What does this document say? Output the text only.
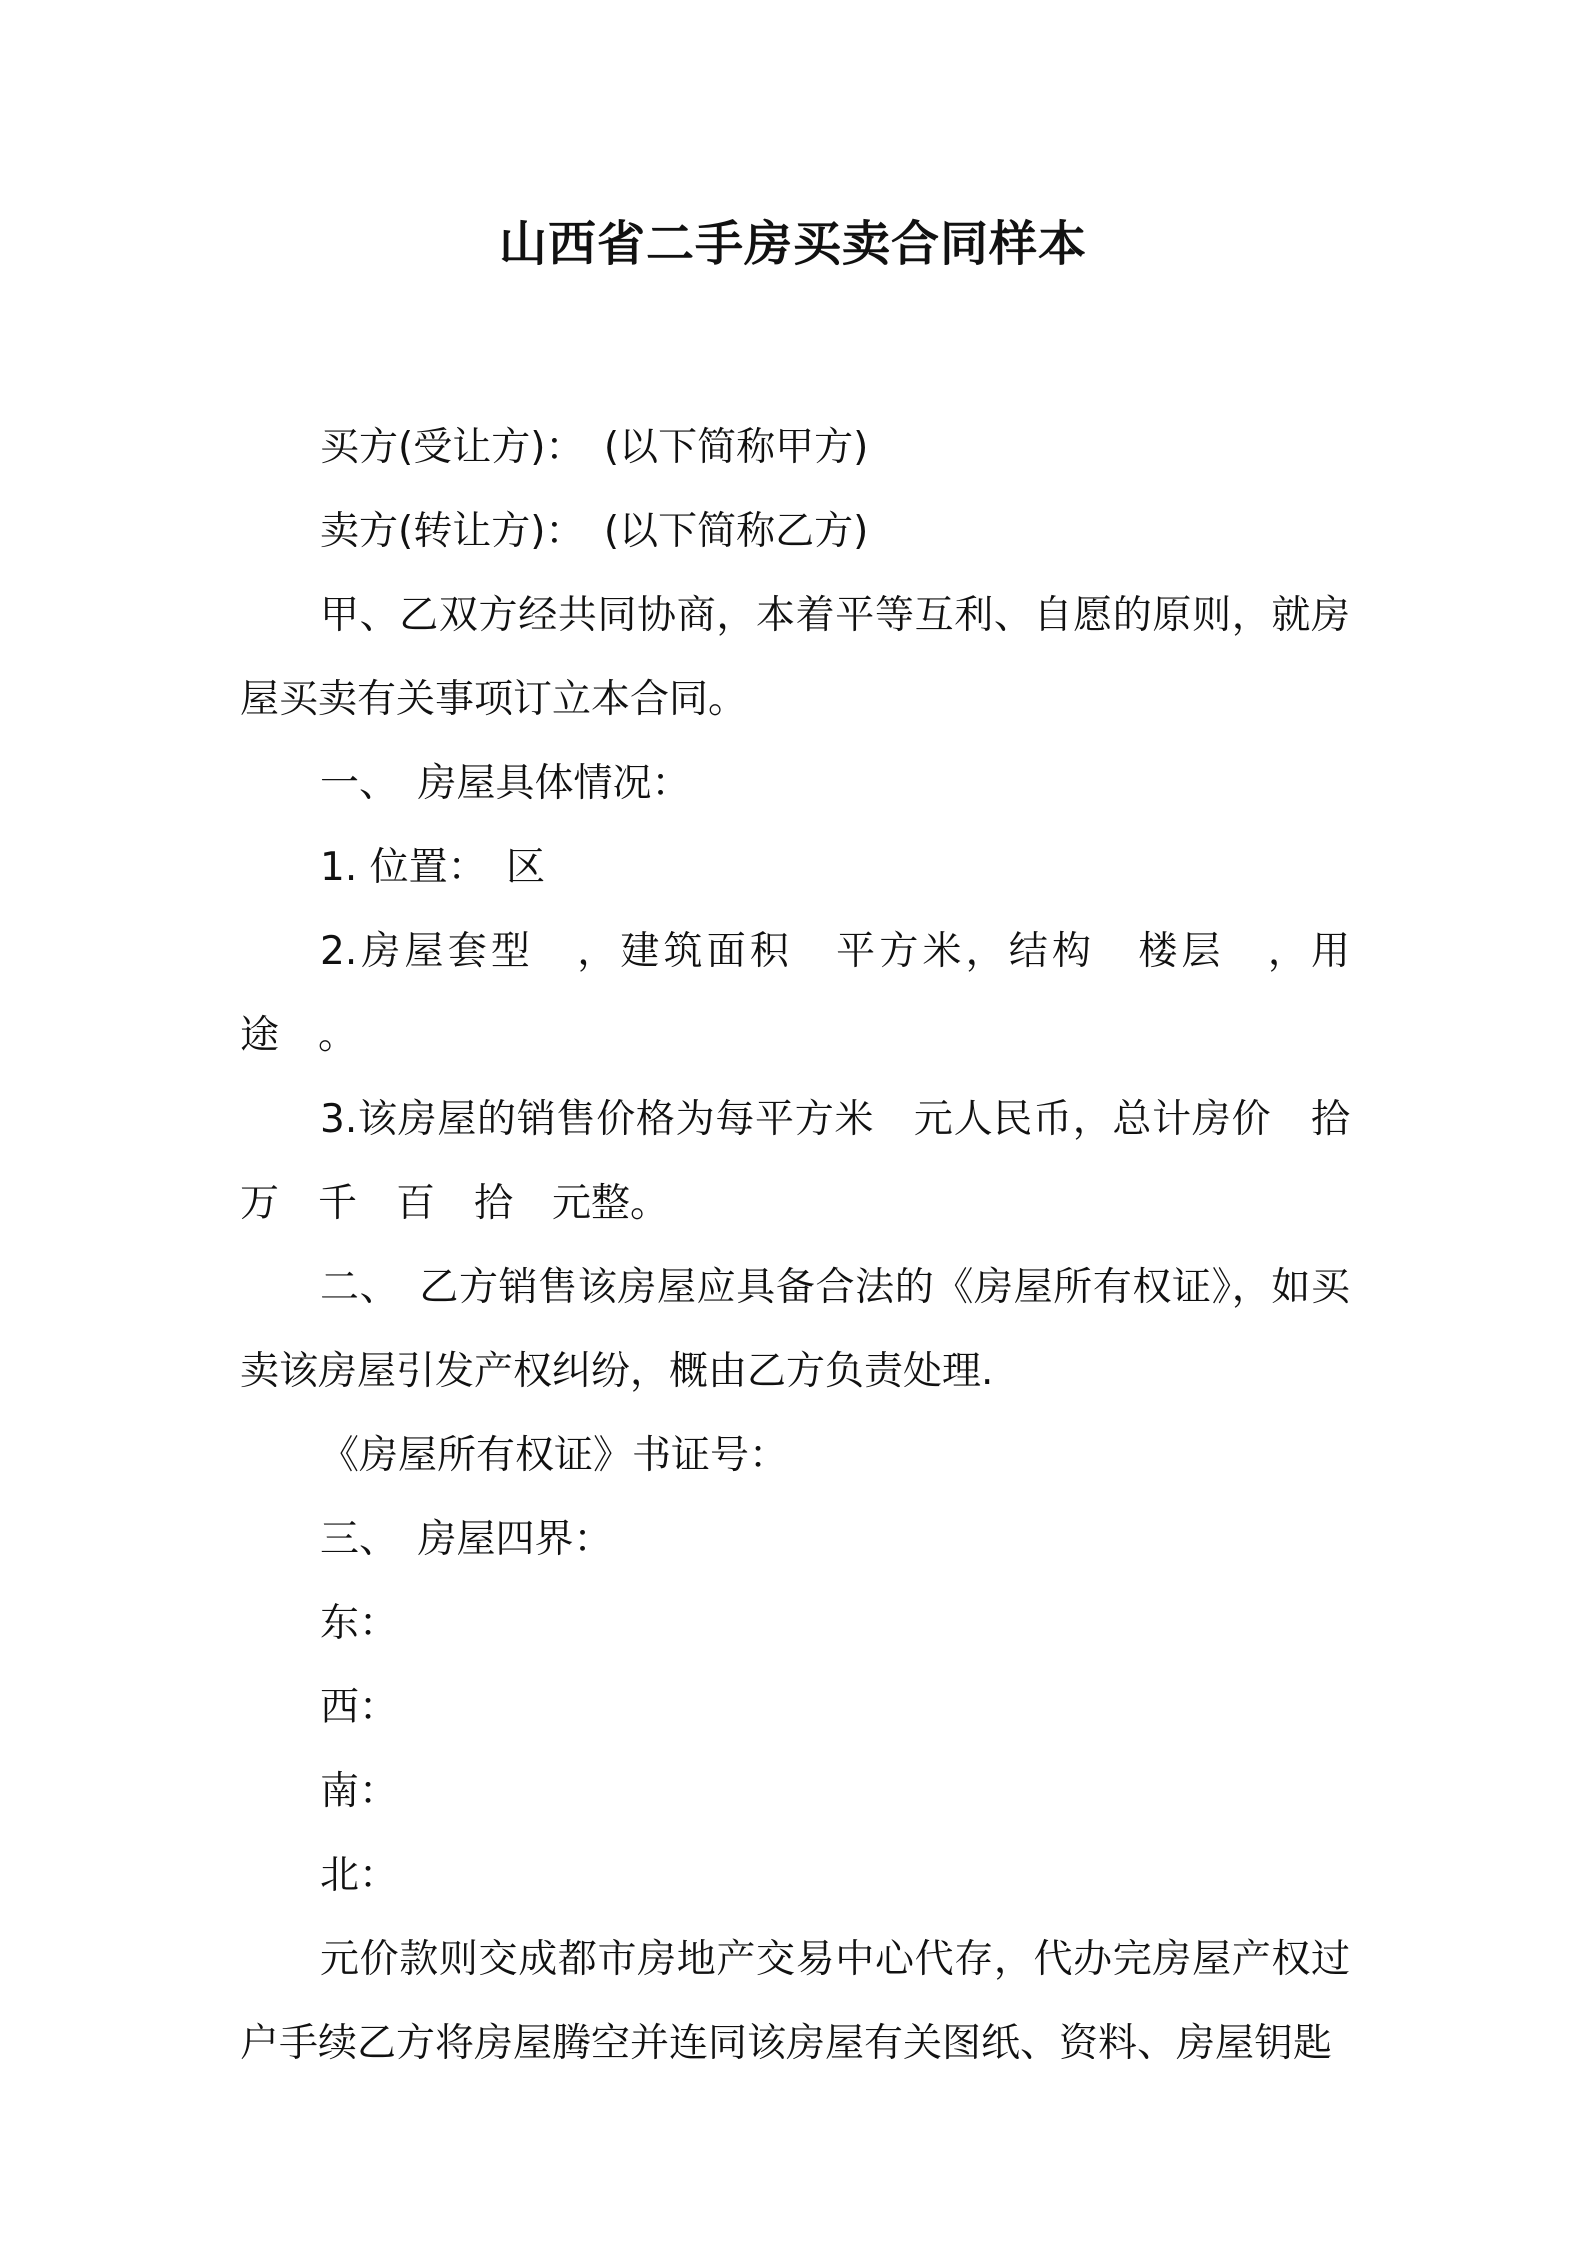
山西省二手房买卖合同样本

买方(受让方)：　(以下简称甲方)

卖方(转让方)：　(以下简称乙方)

甲、乙双方经共同协商，本着平等互利、自愿的原则，就房屋买卖有关事项订立本合同。

一、　房屋具体情况：

1. 位置：　区

2.房屋套型　，建筑面积　平方米，结构　楼层　，用途　。

3.该房屋的销售价格为每平方米　元人民币，总计房价　拾万　千　百　拾　元整。

二、　乙方销售该房屋应具备合法的《房屋所有权证》，如买卖该房屋引发产权纠纷，概由乙方负责处理.

《房屋所有权证》书证号：

三、　房屋四界：

东：

西：

南：

北：

元价款则交成都市房地产交易中心代存，代办完房屋产权过户手续乙方将房屋腾空并连同该房屋有关图纸、资料、房屋钥匙
